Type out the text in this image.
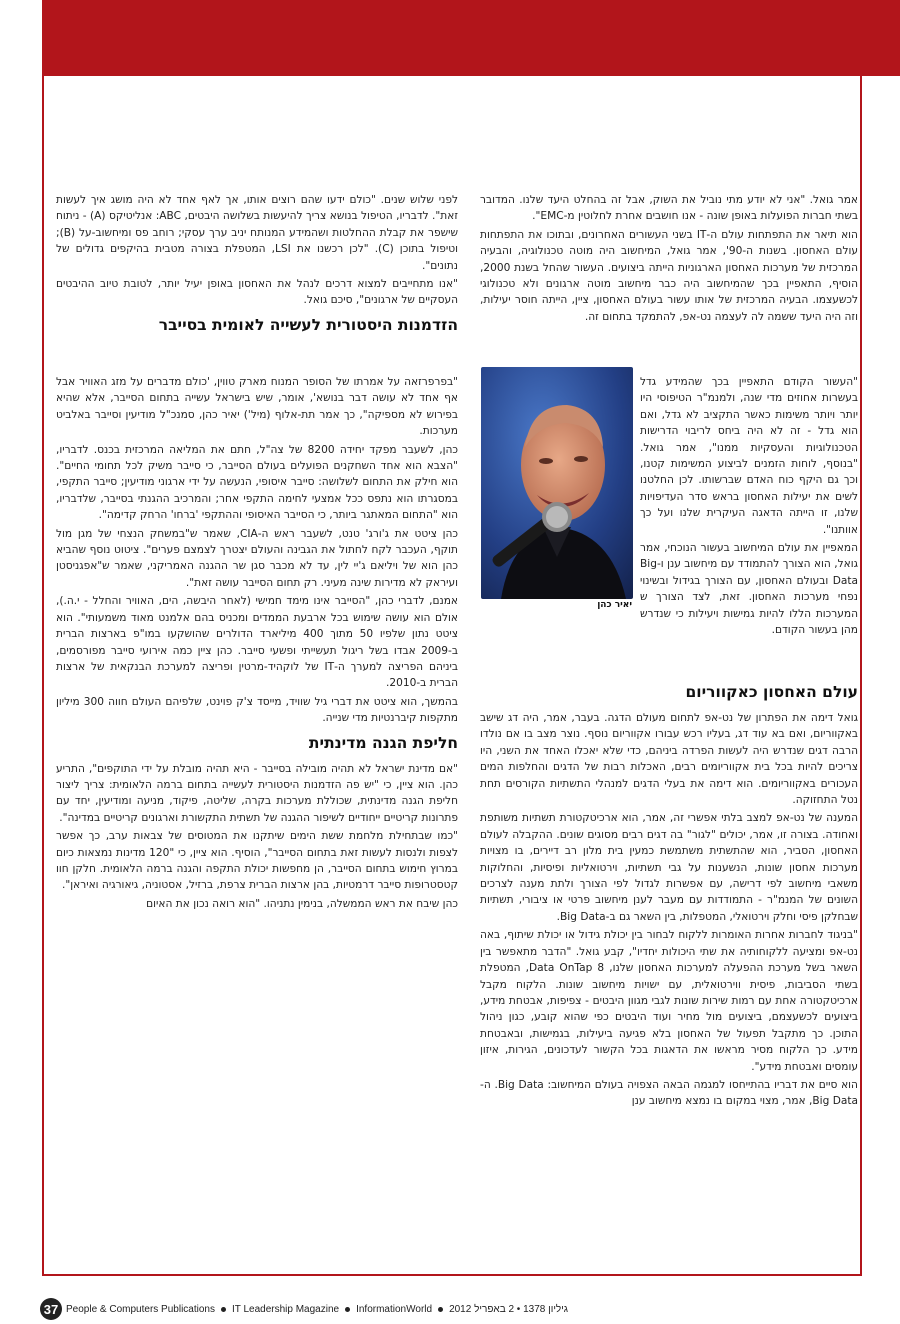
אמר גואל. "אני לא יודע מתי נוביל את השוק, אבל זה בהחלט היעד שלנו. המדובר בשתי חברות הפועלות באופן שונה - אנו חושבים אחרת לחלוטין מ-EMC".

הוא תיאר את התפתחות עולם ה-IT בשני העשורים האחרונים, ובתוכו את התפתחות עולם האחסון. בשנות ה-90', אמר גואל, המיחשוב היה מוטה טכנולוגיה, והבעיה המרכזית של מערכות האחסון הארגוניות הייתה ביצועים. העשור שהחל בשנת 2000, הוסיף, התאפיין בכך שהמיחשוב היה כבר מיחשוב מוטה ארגונים ולא טכנולוגי לכשעצמו. הבעיה המרכזית של אותו עשור בעולם האחסון, ציין, הייתה חוסר יעילות, וזה היה היעד ששמה לה לעצמה נט-אפ, להתמקד בתחום זה.

"העשור הקודם התאפיין בכך שהמידע גדל בעשרות אחוזים מדי שנה, ולמנמ"ר הטיפוסי היו יותר ויותר משימות כאשר התקציב לא גדל, ואם הוא גדל - זה לא היה ביחס לריבוי הדרישות הטכנולוגיות והעסקיות ממנו", אמר גואל. "בנוסף, לוחות הזמנים לביצוע המשימות קטנו, וכך גם היקף כוח האדם שברשותו. לכן החלטנו לשים את יעילות האחסון בראש סדר העדיפויות שלנו, זו הייתה הדאגה העיקרית שלנו ועל כך אוותנו".

המאפיין את עולם המיחשוב בעשור הנוכחי, אמר גואל, הוא הצורך להתמודד עם מיחשוב ענן ו-Big Data ובעולם האחסון, עם הצורך בגידול ובשינוי נפחי מערכות האחסון. זאת, לצד הצורך ש המערכות הללו להיות גמישות ויעילות כי שנדרש מהן בעשור הקודם.

יאיר כהן
עולם האחסון כאקווריום

גואל דימה את הפתרון של נט-אפ לתחום מעולם הדגה. בעבר, אמר, היה דג שישב באקווריום, ואם בא עוד דג, בעליו רכש עבורו אקווריום נוסף. נוצר מצב בו אם נולדו הרבה דגים שנדרש היה לעשות הפרדה ביניהם, כדי שלא יאכלו האחד את השני, היו צריכים להיות בכל בית אקווריומים רבים, האכלות רבות של הדגים והחלפות המים העכורים באקווריומים. הוא דימה את בעלי הדגים למנהלי התשתיות הקורסים תחת נטל התחזוקה.

המענה של נט-אפ למצב בלתי אפשרי זה, אמר, הוא ארכיטקטורת תשתיות משותפת ואחודה. בצורה זו, אמר, יכולים "לגור" בה דגים רבים מסוגים שונים. ההקבלה לעולם האחסון, הסביר, הוא שהתשתית משתמשת כמעין בית מלון רב דיירים, בו מצויות מערכות אחסון שונות, הנשענות על גבי תשתיות, וירטואליות ופיסיות, והחלוקות משאבי מיחשוב לפי דרישה, עם אפשרות לגדול לפי הצורך ולתת מענה לצרכים השונים של המנמ"ר - התמודדות עם מעבר לענן מיחשוב פרטי או ציבורי, תשתיות שבחלקן פיסי וחלק וירטואלי, המטפלות, בין השאר גם ב-Big Data.

"בניגוד לחברות אחרות האומרות ללקוח לבחור בין יכולת גידול או יכולת שיתוף, באה נט-אפ ומציעה ללקוחותיה את שתי היכולות יחדיו", קבע גואל. "הדבר מתאפשר בין השאר בשל מערכת ההפעלה למערכות האחסון שלנו, Data OnTap 8, המטפלת בשתי הסביבות, פיסית ווירטואלית, עם ישויות מיחשוב שונות. הלקוח מקבל ארכיטקטורה אחת עם רמות שירות שונות לגבי מגוון היבטים - צפיפות, אבטחת מידע, ביצועים לכשעצמם, ביצועים מול מחיר ועוד היבטים כפי שהוא קובע, כגון ניהול התוכן. כך מתקבל תפעול של האחסון בלא פגיעה ביעילות, בגמישות, ובאבטחת מידע. כך הלקוח מסיר מראשו את הדאגות בכל הקשור לעדכונים, הגירות, איזון עומסים ואבטחת מידע".

הוא סיים את דבריו בהתייחסו למגמה הבאה הצפויה בעולם המיחשוב: Big Data. ה-Big Data, אמר, מצוי במקום בו נמצא מיחשוב ענן

לפני שלוש שנים. "כולם ידעו שהם רוצים אותו, אך לאף אחד לא היה מושג איך לעשות זאת". לדבריו, הטיפול בנושא צריך להיעשות בשלושה היבטים, ABC: אנליטיקס (A) - ניתוח שישפר את קבלת ההחלטות ושהמידע המנותח יניב ערך עסקי; רוחב פס ומיחשוב-על (B); וטיפול בתוכן (C). "לכן רכשנו את LSI, המטפלת בצורה מטבית בהיקפים גדולים של נתונים".

"אנו מתחייבים למצוא דרכים לנהל את האחסון באופן יעיל יותר, לטובת טיוב ההיבטים העסקיים של ארגונים", סיכם גואל.

הזדמנות היסטורית לעשייה לאומית בסייבר

"בפרפרזאה על אמרתו של הסופר המנוח מארק טווין, 'כולם מדברים על מזג האוויר אבל אף אחד לא עושה דבר בנושא', אומר, שיש בישראל עשייה בתחום הסייבר, אלא שהיא בפירוש לא מספיקה", כך אמר תת-אלוף (מיל') יאיר כהן, סמנכ"ל מודיעין וסייבר באלביט מערכות.

כהן, לשעבר מפקד יחידה 8200 של צה"ל, חתם את המליאה המרכזית בכנס. לדבריו, "הצבא הוא אחד השחקנים הפועלים בעולם הסייבר, כי סייבר משיק לכל תחומי החיים". הוא חילק את התחום לשלושה: סייבר איסופי, הנעשה על ידי ארגוני מודיעין; סייבר התקפי, במסגרתו הוא נתפס ככל אמצעי לחימה התקפי אחר; והמרכיב ההגנתי בסייבר, שלדבריו, הוא "התחום המאתגר ביותר, כי הסייבר האיסופי וההתקפי 'ברחו' הרחק קדימה".

כהן ציטט את ג'ורג' טנט, לשעבר ראש ה-CIA, שאמר ש"במשחק הנצחי של מגן מול תוקף, העכבר לקח לחתול את הגבינה והעולם יצטרך לצמצם פערים". ציטוט נוסף שהביא כהן הוא של ויליאם ג'יי לין, עד לא מכבר סגן שר ההגנה האמריקני, שאמר ש"אפגניסטן ועיראק לא מדירות שינה מעיני. רק תחום הסייבר עושה זאת".

אמנם, לדברי כהן, "הסייבר אינו מימד חמישי (לאחר היבשה, הים, האוויר והחלל - י.ה.), אולם הוא עושה שימוש בכל ארבעת הממדים ומכניס בהם אלמנט מאוד משמעותי". הוא ציטט נתון שלפיו 50 מתוך 400 מיליארד הדולרים שהושקעו במו"פ בארצות הברית ב-2009 אבדו בשל ריגול תעשייתי ופשעי סייבר. כהן ציין כמה אירועי סייבר מפורסמים, ביניהם הפריצה למערך ה-IT של לוקהיד-מרטין ופריצה למערכת הבנקאית של ארצות הברית ב-2010.

בהמשך, הוא ציטט את דברי גיל שוויד, מייסד צ'ק פוינט, שלפיהם העולם חווה 300 מיליון מתקפות קיברנטיות מדי שנייה.

חליפת הגנה מדינתית

"אם מדינת ישראל לא תהיה מובילה בסייבר - היא תהיה מובלת על ידי התוקפים", התריע כהן. הוא ציין, כי "יש פה הזדמנות היסטורית לעשייה בתחום ברמה הלאומית: צריך ליצור חליפת הגנה מדינתית, שכוללת מערכות בקרה, שליטה, פיקוד, מניעה ומודיעין, יחד עם פתרונות קריטיים ייחודיים לשיפור ההגנה של תשתית התקשורת וארגונים קריטיים במדינה".

"כמו שבתחילת מלחמת ששת הימים שיתקנו את המטוסים של צבאות ערב, כך אפשר לצפות ולנסות לעשות זאת בתחום הסייבר", הוסיף. הוא ציין, כי "120 מדינות נמצאות כיום במרוץ חימוש בתחום הסייבר, הן מחפשות יכולת התקפה והגנה ברמה הלאומית. חלקן חוו קטסטרופות סייבר דרמטיות, בהן ארצות הברית צרפת, ברזיל, אסטוניה, גיאורגיה ואיראן".

כהן שיבח את ראש הממשלה, בנימין נתניהו. "הוא רואה נכון את האיום

37 People & Computers Publications IT Leadership Magazine InformationWorld גיליון 1378 • 2 באפריל 2012
